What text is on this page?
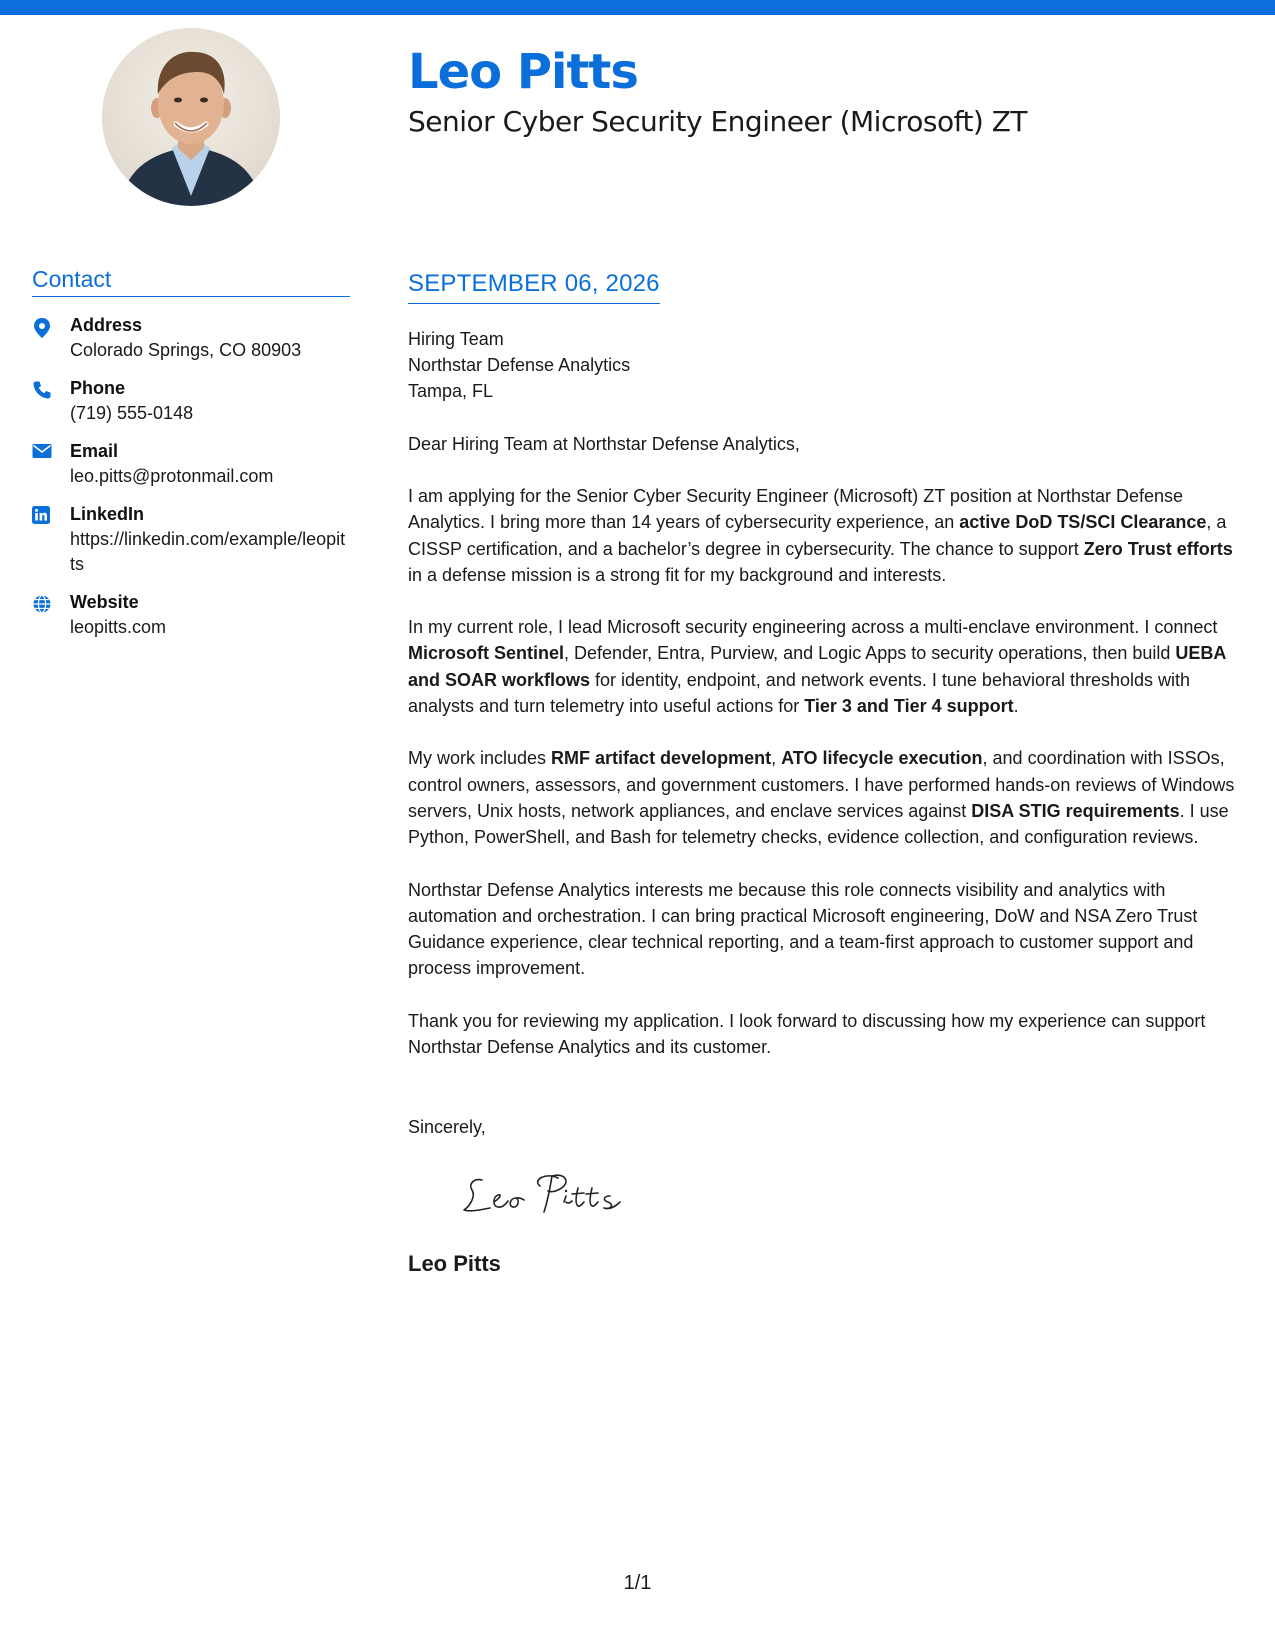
Leo Pitts
Senior Cyber Security Engineer (Microsoft) ZT
Contact
Address
Colorado Springs, CO 80903
Phone
(719) 555-0148
Email
leo.pitts@protonmail.com
LinkedIn
https://linkedin.com/example/leopitts
Website
leopitts.com
SEPTEMBER 06, 2026
Hiring Team
Northstar Defense Analytics
Tampa, FL
Dear Hiring Team at Northstar Defense Analytics,

I am applying for the Senior Cyber Security Engineer (Microsoft) ZT position at Northstar Defense Analytics. I bring more than 14 years of cybersecurity experience, an active DoD TS/SCI Clearance, a CISSP certification, and a bachelor’s degree in cybersecurity. The chance to support Zero Trust efforts in a defense mission is a strong fit for my background and interests.

In my current role, I lead Microsoft security engineering across a multi-enclave environment. I connect Microsoft Sentinel, Defender, Entra, Purview, and Logic Apps to security operations, then build UEBA and SOAR workflows for identity, endpoint, and network events. I tune behavioral thresholds with analysts and turn telemetry into useful actions for Tier 3 and Tier 4 support.

My work includes RMF artifact development, ATO lifecycle execution, and coordination with ISSOs, control owners, assessors, and government customers. I have performed hands-on reviews of Windows servers, Unix hosts, network appliances, and enclave services against DISA STIG requirements. I use Python, PowerShell, and Bash for telemetry checks, evidence collection, and configuration reviews.

Northstar Defense Analytics interests me because this role connects visibility and analytics with automation and orchestration. I can bring practical Microsoft engineering, DoW and NSA Zero Trust Guidance experience, clear technical reporting, and a team-first approach to customer support and process improvement.

Thank you for reviewing my application. I look forward to discussing how my experience can support Northstar Defense Analytics and its customer.

Sincerely,
Leo Pitts
1/1
